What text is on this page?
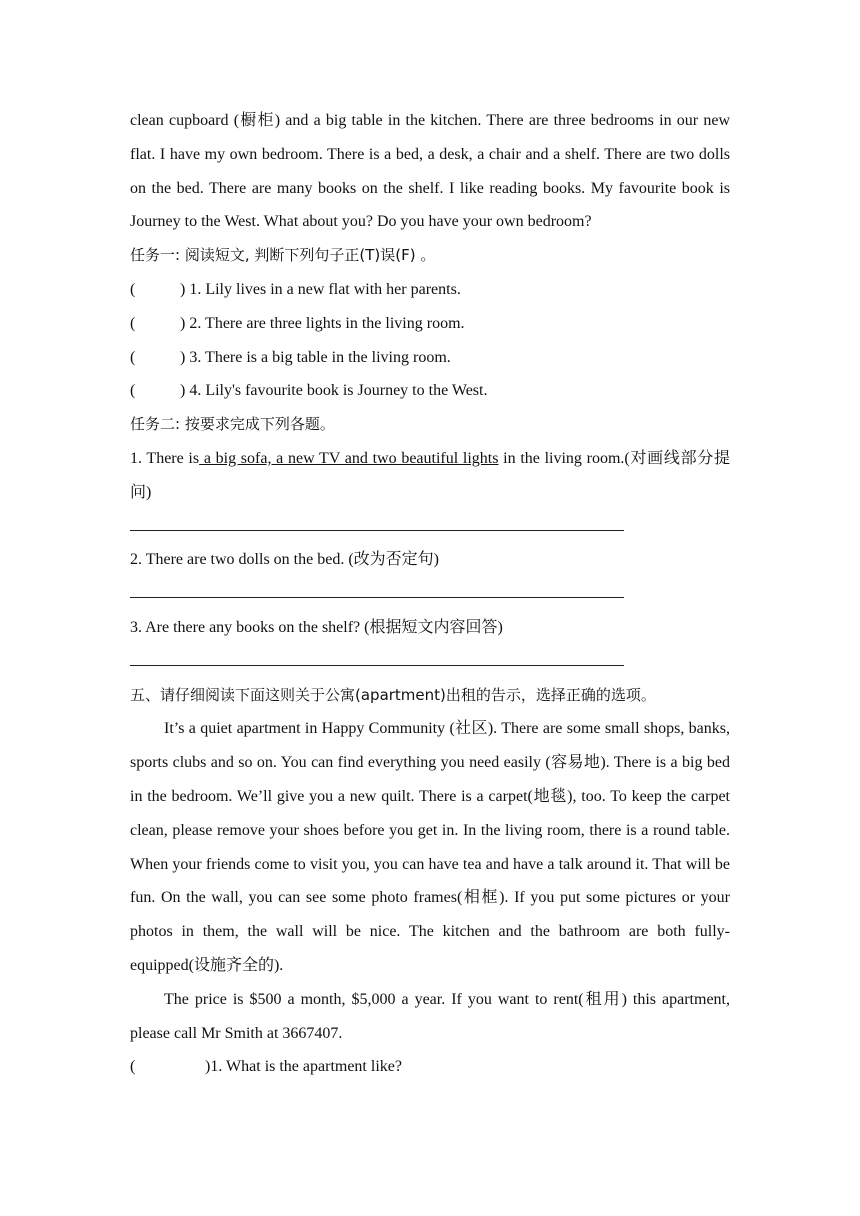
clean cupboard (橱柜) and a big table in the kitchen. There are three bedrooms in our new flat. I have my own bedroom. There is a bed, a desk, a chair and a shelf. There are two dolls on the bed. There are many books on the shelf. I like reading books. My favourite book is Journey to the West. What about you? Do you have your own bedroom?

任务一: 阅读短文, 判断下列句子正(T)误(F) 。

(	) 1. Lily lives in a new flat with her parents.

(	) 2. There are three lights in the living room.

(	) 3. There is a big table in the living room.

(	) 4. Lily's favourite book is Journey to the West.

任务二: 按要求完成下列各题。

1. There is a big sofa, a new TV and two beautiful lights in the living room.(对画线部分提问)

2. There are two dolls on the bed. (改为否定句)

3. Are there any books on the shelf? (根据短文内容回答)

五、请仔细阅读下面这则关于公寓(apartment)出租的告示，选择正确的选项。

It’s a quiet apartment in Happy Community (社区). There are some small shops, banks, sports clubs and so on. You can find everything you need easily (容易地). There is a big bed in the bedroom. We’ll give you a new quilt. There is a carpet(地毯), too. To keep the carpet clean, please remove your shoes before you get in. In the living room, there is a round table. When your friends come to visit you, you can have tea and have a talk around it. That will be fun. On the wall, you can see some photo frames(相框). If you put some pictures or your photos in them, the wall will be nice. The kitchen and the bathroom are both fully-equipped(设施齐全的).

The price is $500 a month, $5,000 a year. If you want to rent(租用) this apartment, please call Mr Smith at 3667407.

(	)1. What is the apartment like?
